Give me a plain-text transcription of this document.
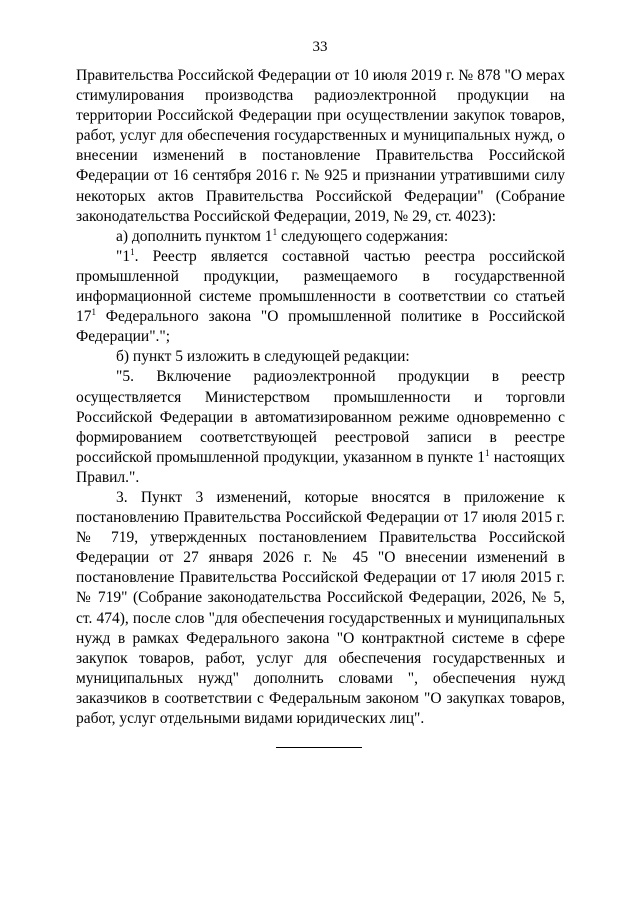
33

Правительства Российской Федерации от 10 июля 2019 г. № 878 "О мерах стимулирования производства радиоэлектронной продукции на территории Российской Федерации при осуществлении закупок товаров, работ, услуг для обеспечения государственных и муниципальных нужд, о внесении изменений в постановление Правительства Российской Федерации от 16 сентября 2016 г. № 925 и признании утратившими силу некоторых актов Правительства Российской Федерации" (Собрание законодательства Российской Федерации, 2019, № 29, ст. 4023):

а) дополнить пунктом $1^1$ следующего содержания:

"$1^1$. Реестр является составной частью реестра российской промышленной продукции, размещаемого в государственной информационной системе промышленности в соответствии со статьей $17^1$ Федерального закона "О промышленной политике в Российской Федерации".";

б) пункт 5 изложить в следующей редакции:

"5. Включение радиоэлектронной продукции в реестр осуществляется Министерством промышленности и торговли Российской Федерации в автоматизированном режиме одновременно с формированием соответствующей реестровой записи в реестре российской промышленной продукции, указанном в пункте $1^1$ настоящих Правил.".

3. Пункт 3 изменений, которые вносятся в приложение к постановлению Правительства Российской Федерации от 17 июля 2015 г. № 719, утвержденных постановлением Правительства Российской Федерации от 27 января 2026 г. № 45 "О внесении изменений в постановление Правительства Российской Федерации от 17 июля 2015 г. № 719" (Собрание законодательства Российской Федерации, 2026, № 5, ст. 474), после слов "для обеспечения государственных и муниципальных нужд в рамках Федерального закона "О контрактной системе в сфере закупок товаров, работ, услуг для обеспечения государственных и муниципальных нужд" дополнить словами ", обеспечения нужд заказчиков в соответствии с Федеральным законом "О закупках товаров, работ, услуг отдельными видами юридических лиц".
